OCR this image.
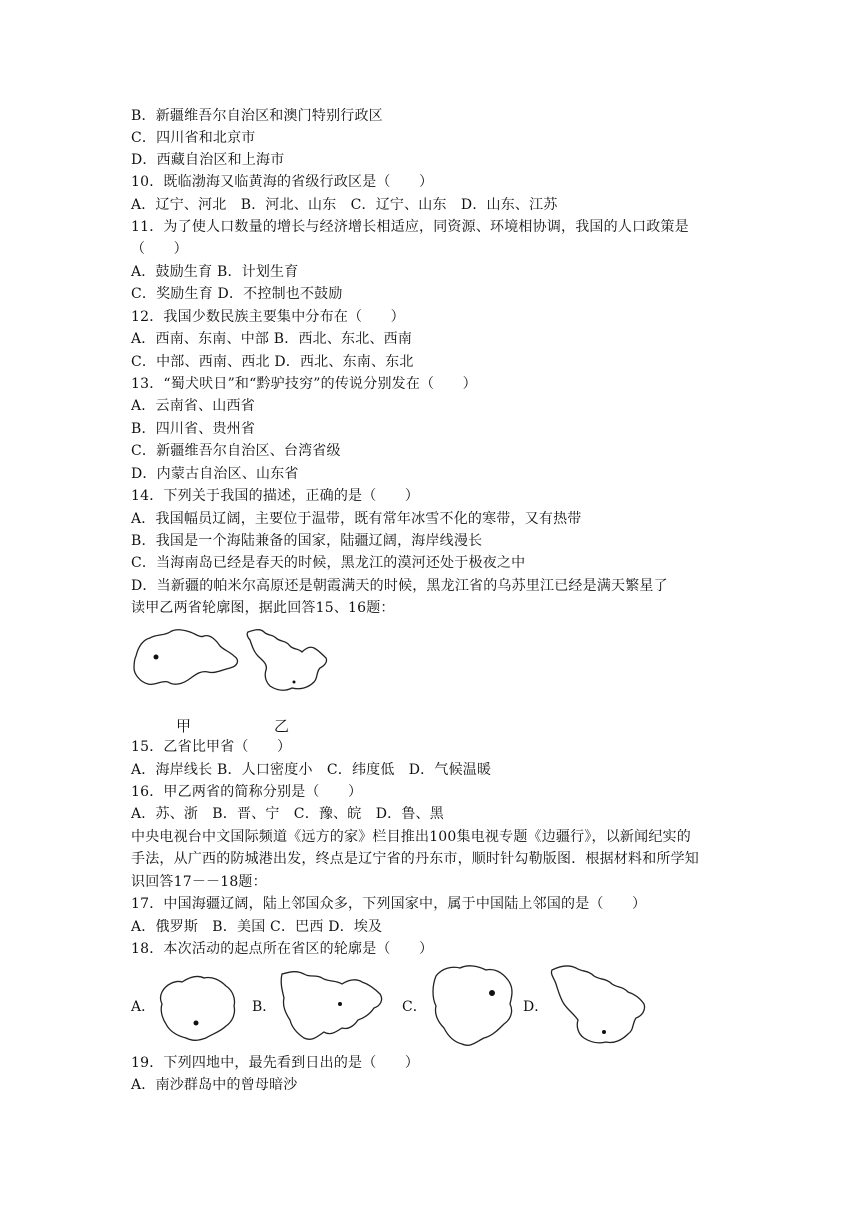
B．新疆维吾尔自治区和澳门特别行政区
C．四川省和北京市
D．西藏自治区和上海市
10．既临渤海又临黄海的省级行政区是（　　）
A．辽宁、河北　B．河北、山东　C．辽宁、山东　D．山东、江苏
11．为了使人口数量的增长与经济增长相适应，同资源、环境相协调，我国的人口政策是
（　　）
A．鼓励生育 B．计划生育
C．奖励生育 D．不控制也不鼓励
12．我国少数民族主要集中分布在（　　）
A．西南、东南、中部 B．西北、东北、西南
C．中部、西南、西北 D．西北、东南、东北
13．“蜀犬吠日”和“黔驴技穷”的传说分别发在（　　）
A．云南省、山西省
B．四川省、贵州省
C．新疆维吾尔自治区、台湾省级
D．内蒙古自治区、山东省
14．下列关于我国的描述，正确的是（　　）
A．我国幅员辽阔，主要位于温带，既有常年冰雪不化的寒带，又有热带
B．我国是一个海陆兼备的国家，陆疆辽阔，海岸线漫长
C．当海南岛已经是春天的时候，黑龙江的漠河还处于极夜之中
D．当新疆的帕米尔高原还是朝霞满天的时候，黑龙江省的乌苏里江已经是满天繁星了
读甲乙两省轮廓图，据此回答15、16题：
甲	乙
15．乙省比甲省（　　）
A．海岸线长 B．人口密度小　C．纬度低　D．气候温暖
16．甲乙两省的简称分别是（　　）
A．苏、浙　B．晋、宁　C．豫、皖　D．鲁、黑
中央电视台中文国际频道《远方的家》栏目推出100集电视专题《边疆行》，以新闻纪实的
手法，从广西的防城港出发，终点是辽宁省的丹东市，顺时针勾勒版图．根据材料和所学知
识回答17－－18题：
17．中国海疆辽阔，陆上邻国众多，下列国家中，属于中国陆上邻国的是（　　）
A．俄罗斯　B．美国 C．巴西 D．埃及
18．本次活动的起点所在省区的轮廓是（　　）
A．	B．	C．	D．
19．下列四地中，最先看到日出的是（　　）
A．南沙群岛中的曾母暗沙
